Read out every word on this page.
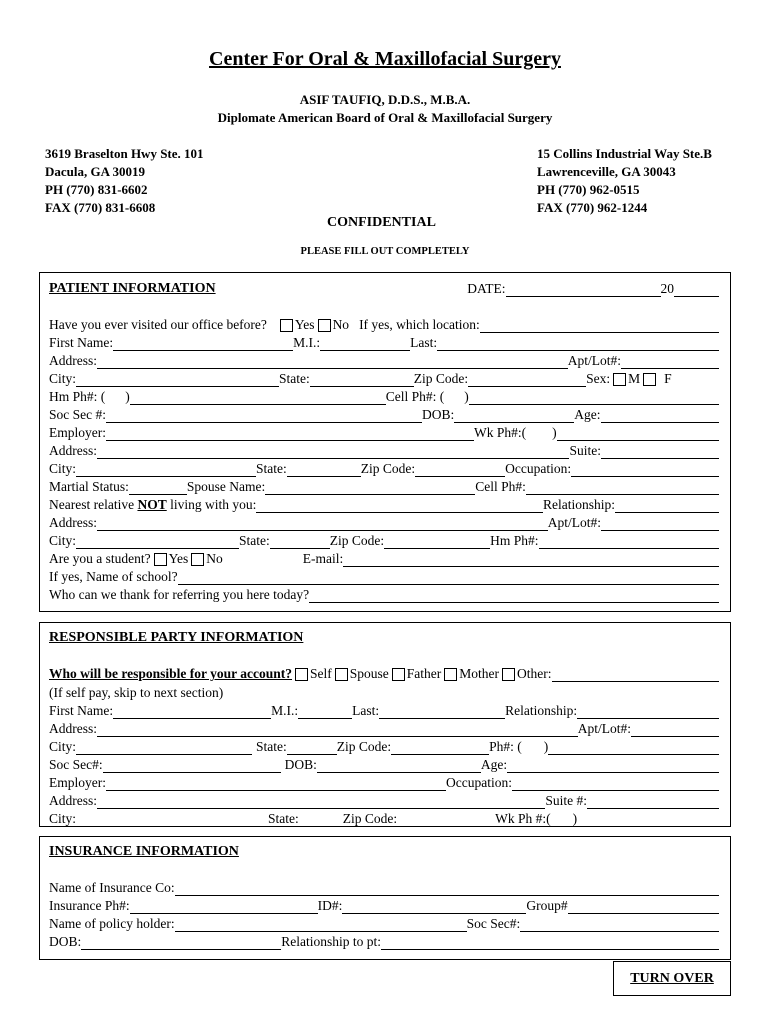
Center For Oral & Maxillofacial Surgery
ASIF TAUFIQ, D.D.S., M.B.A.
Diplomate American Board of Oral & Maxillofacial Surgery
3619 Braselton Hwy Ste. 101
Dacula, GA 30019
PH (770) 831-6602
FAX (770) 831-6608
15 Collins Industrial Way Ste.B
Lawrenceville, GA 30043
PH (770) 962-0515
FAX (770) 962-1244
CONFIDENTIAL
PLEASE FILL OUT COMPLETELY
PATIENT INFORMATION	DATE:	20
Have you ever visited our office before? Yes No If yes, which location:
First Name:	M.I.:	Last:
Address:	Apt/Lot#:
City:	State:	Zip Code:	Sex: M F
Hm Ph#: ( )	Cell Ph#: ( )
Soc Sec #:	DOB:	Age:
Employer:	Wk Ph#:( )
Address:	Suite:
City:	State:	Zip Code:	Occupation:
Martial Status:	Spouse Name:	Cell Ph#:
Nearest relative NOT living with you:	Relationship:
Address:	Apt/Lot#:
City:	State:	Zip Code:	Hm Ph#:
Are you a student? Yes No	E-mail:
If yes, Name of school?
Who can we thank for referring you here today?
RESPONSIBLE PARTY INFORMATION
Who will be responsible for your account? Self Spouse Father Mother Other:
(If self pay, skip to next section)
First Name:	M.I.:	Last:	Relationship:
Address:	Apt/Lot#:
City:	State:	Zip Code:	Ph#: ( )
Soc Sec#:	DOB:	Age:
Employer:	Occupation:
Address:	Suite #:
City:	State:	Zip Code:	Wk Ph #:( )
INSURANCE INFORMATION
Name of Insurance Co:
Insurance Ph#:	ID#:	Group#
Name of policy holder:	Soc Sec#:
DOB:	Relationship to pt:
TURN OVER
